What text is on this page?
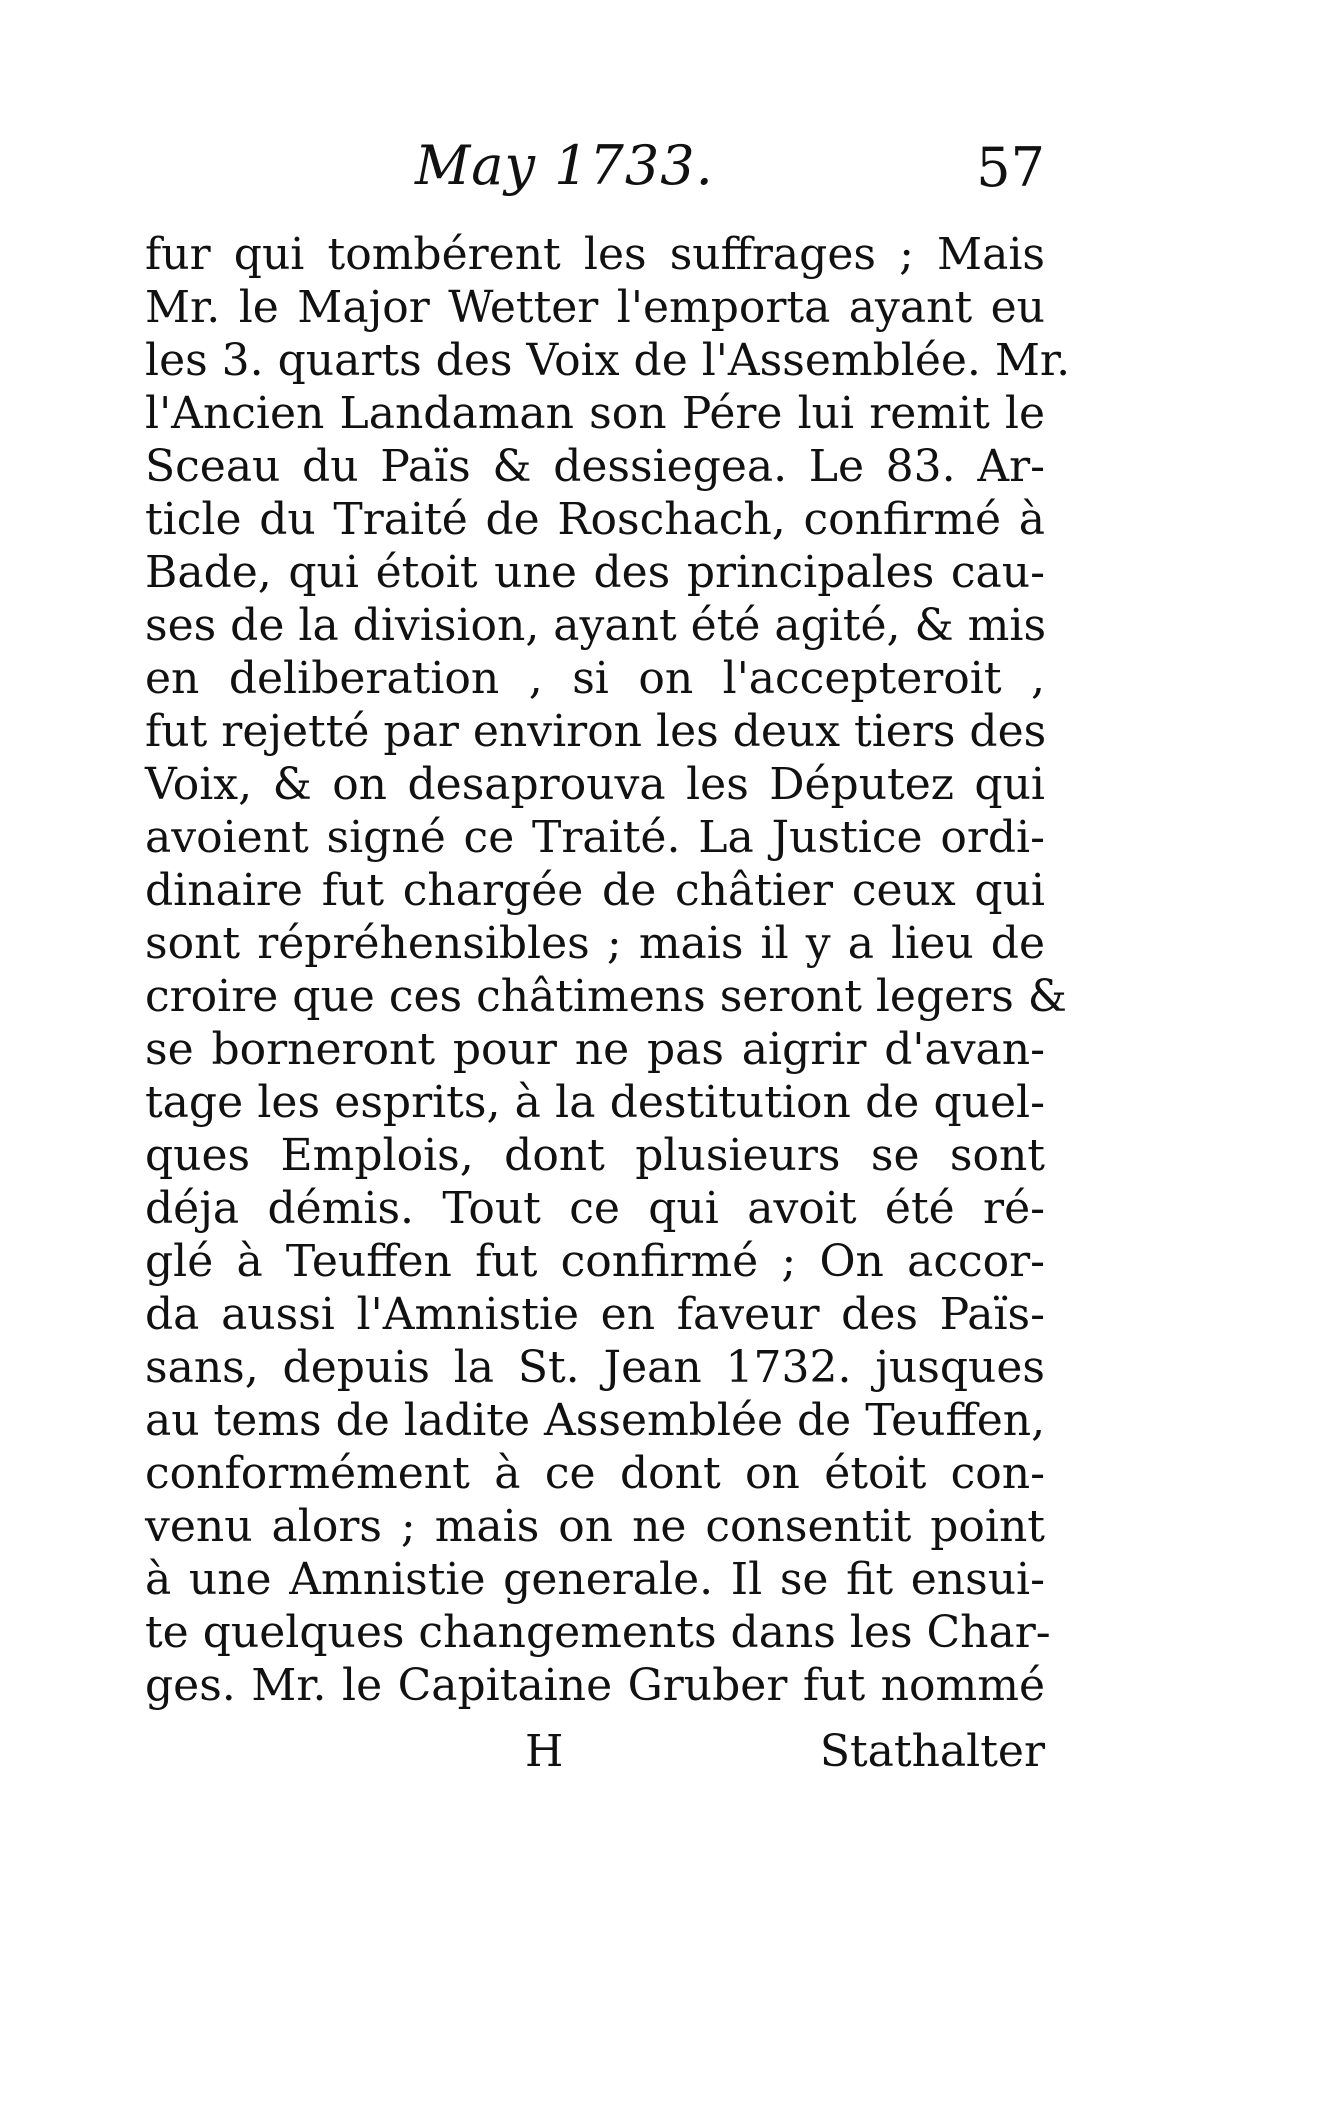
May 1733.	57
fur qui tombérent les suffrages ; Mais
Mr. le Major Wetter l'emporta ayant eu
les 3. quarts des Voix de l'Assemblée. Mr.
l'Ancien Landaman son Pére lui remit le
Sceau du Païs & dessiegea. Le 83. Ar-
ticle du Traité de Roschach, confirmé à
Bade, qui étoit une des principales cau-
ses de la division, ayant été agité, & mis
en deliberation , si on l'accepteroit ,
fut rejetté par environ les deux tiers des
Voix, & on desaprouva les Députez qui
avoient signé ce Traité. La Justice ordi-
dinaire fut chargée de châtier ceux qui
sont répréhensibles ; mais il y a lieu de
croire que ces châtimens seront legers &
se borneront pour ne pas aigrir d'avan-
tage les esprits, à la destitution de quel-
ques Emplois, dont plusieurs se sont
déja démis. Tout ce qui avoit été ré-
glé à Teuffen fut confirmé ; On accor-
da aussi l'Amnistie en faveur des Païs-
sans, depuis la St. Jean 1732. jusques
au tems de ladite Assemblée de Teuffen,
conformément à ce dont on étoit con-
venu alors ; mais on ne consentit point
à une Amnistie generale. Il se fit ensui-
te quelques changements dans les Char-
ges. Mr. le Capitaine Gruber fut nommé
H	Stathalter
